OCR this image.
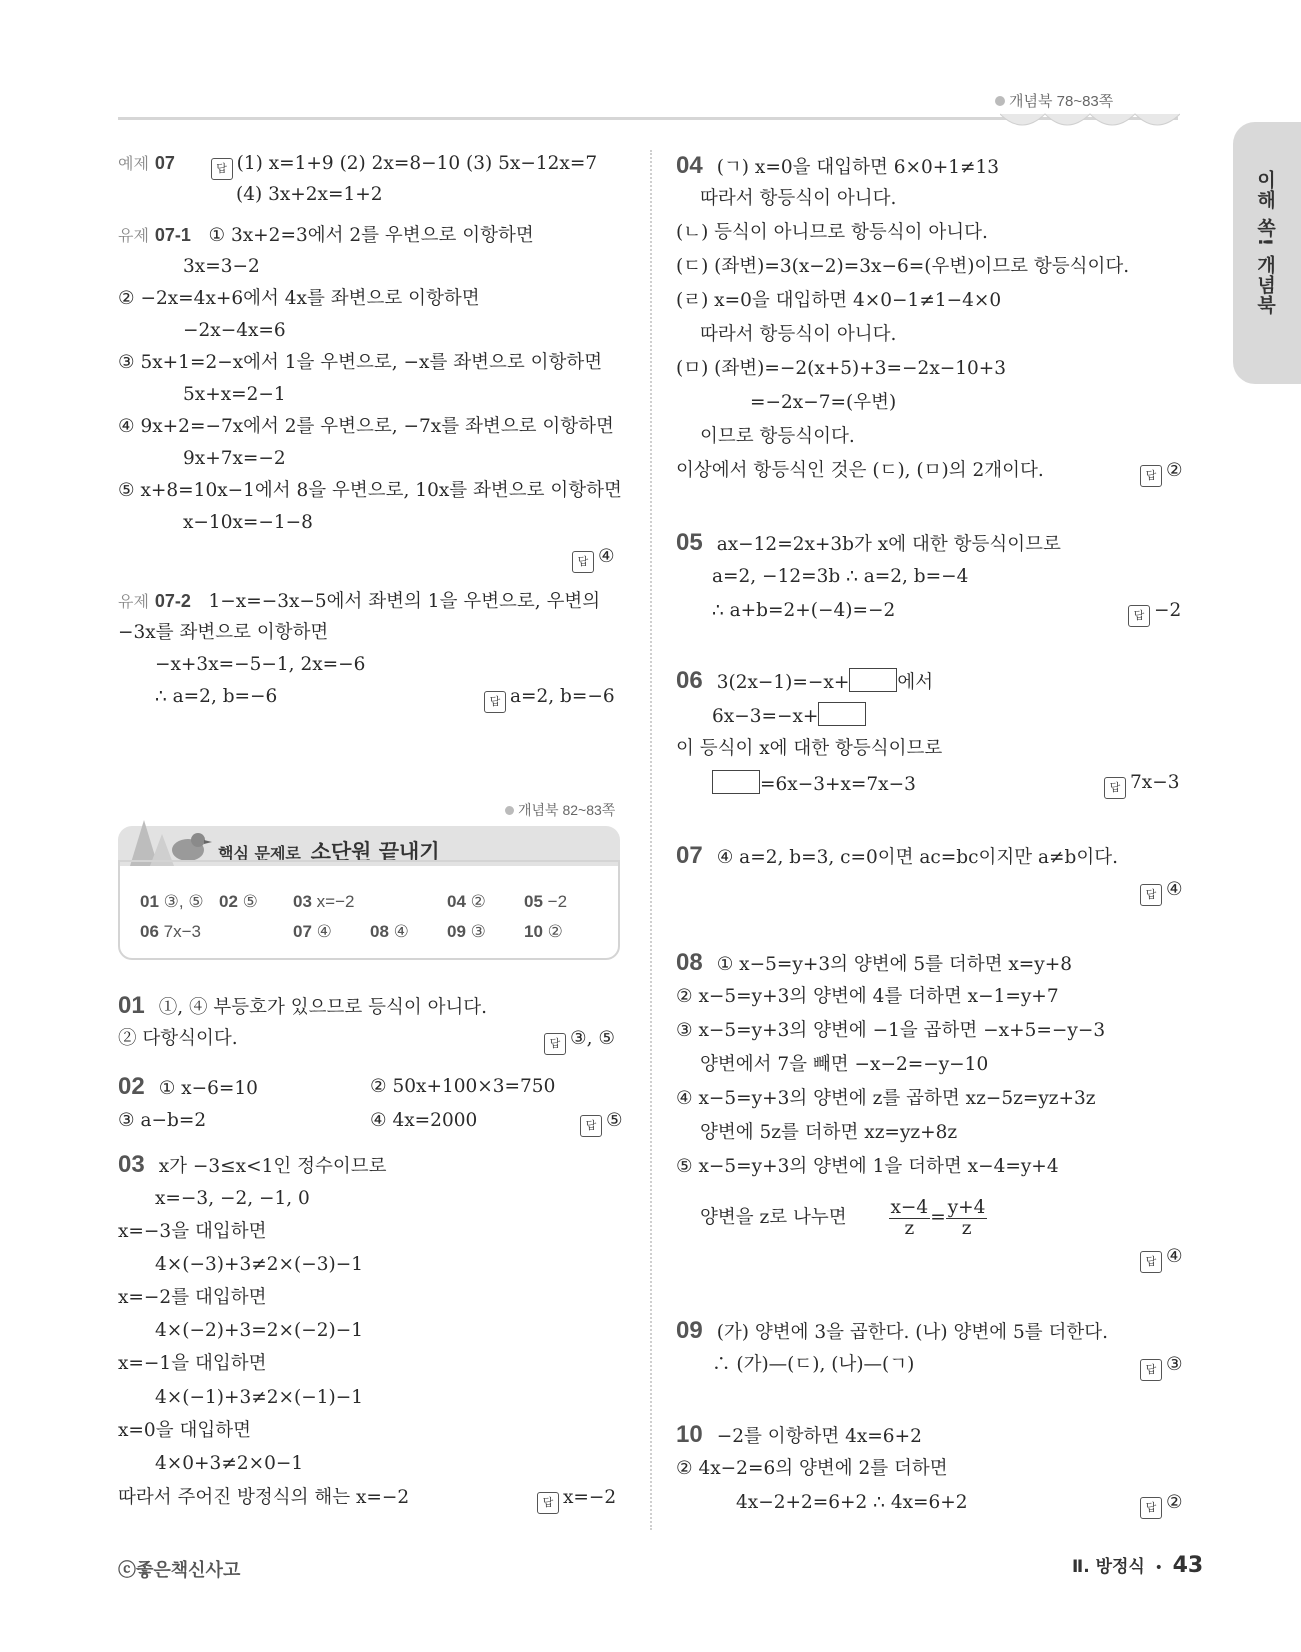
개념북 78~83쪽
이해 쏙! 개념북
예제 07	답 (1) x=1+9 (2) 2x=8−10 (3) 5x−12x=7
(4) 3x+2x=1+2
유제 07-1 ① 3x+2=3에서 2를 우변으로 이항하면
3x=3−2
② −2x=4x+6에서 4x를 좌변으로 이항하면
−2x−4x=6
③ 5x+1=2−x에서 1을 우변으로, −x를 좌변으로 이항하면
5x+x=2−1
④ 9x+2=−7x에서 2를 우변으로, −7x를 좌변으로 이항하면
9x+7x=−2
⑤ x+8=10x−1에서 8을 우변으로, 10x를 좌변으로 이항하면
x−10x=−1−8
답 ④
유제 07-2 1−x=−3x−5에서 좌변의 1을 우변으로, 우변의
−3x를 좌변으로 이항하면
−x+3x=−5−1, 2x=−6
∴ a=2, b=−6	답 a=2, b=−6
개념북 82~83쪽
핵심 문제로 소단원 끝내기
01 ③, ⑤ 02 ⑤ 03 x=−2	04 ② 05 −2
06 7x−3	07 ④ 08 ④ 09 ③ 10 ②
01 ①, ④ 부등호가 있으므로 등식이 아니다.
② 다항식이다.	답 ③, ⑤
02 ① x−6=10	② 50x+100×3=750
③ a−b=2	④ 4x=2000	답 ⑤
03 x가 −3≤x<1인 정수이므로
x=−3, −2, −1, 0
x=−3을 대입하면
4×(−3)+3≠2×(−3)−1
x=−2를 대입하면
4×(−2)+3=2×(−2)−1
x=−1을 대입하면
4×(−1)+3≠2×(−1)−1
x=0을 대입하면
4×0+3≠2×0−1
따라서 주어진 방정식의 해는 x=−2	답 x=−2
04 (ㄱ) x=0을 대입하면 6×0+1≠13
따라서 항등식이 아니다.
(ㄴ) 등식이 아니므로 항등식이 아니다.
(ㄷ) (좌변)=3(x−2)=3x−6=(우변)이므로 항등식이다.
(ㄹ) x=0을 대입하면 4×0−1≠1−4×0
따라서 항등식이 아니다.
(ㅁ) (좌변)=−2(x+5)+3=−2x−10+3
=−2x−7=(우변)
이므로 항등식이다.
이상에서 항등식인 것은 (ㄷ), (ㅁ)의 2개이다.	답 ②
05 ax−12=2x+3b가 x에 대한 항등식이므로
a=2, −12=3b ∴ a=2, b=−4
∴ a+b=2+(−4)=−2	답 −2
06 3(2x−1)=−x+	에서
6x−3=−x+
이 등식이 x에 대한 항등식이므로
=6x−3+x=7x−3	답 7x−3
07 ④ a=2, b=3, c=0이면 ac=bc이지만 a≠b이다.
답 ④
08 ① x−5=y+3의 양변에 5를 더하면 x=y+8
② x−5=y+3의 양변에 4를 더하면 x−1=y+7
③ x−5=y+3의 양변에 −1을 곱하면 −x+5=−y−3
양변에서 7을 빼면 −x−2=−y−10
④ x−5=y+3의 양변에 z를 곱하면 xz−5z=yz+3z
양변에 5z를 더하면 xz=yz+8z
⑤ x−5=y+3의 양변에 1을 더하면 x−4=y+4
양변을 z로 나누면 $\frac{x-4}{z} = \frac{y+4}{z}$
답 ④
09 (가) 양변에 3을 곱한다. (나) 양변에 5를 더한다.
∴ (가)—(ㄷ), (나)—(ㄱ)	답 ③
10 −2를 이항하면 4x=6+2
② 4x−2=6의 양변에 2를 더하면
4x−2+2=6+2 ∴ 4x=6+2	답 ②
ⓒ좋은책신사고	Ⅱ. 방정식 • 43
